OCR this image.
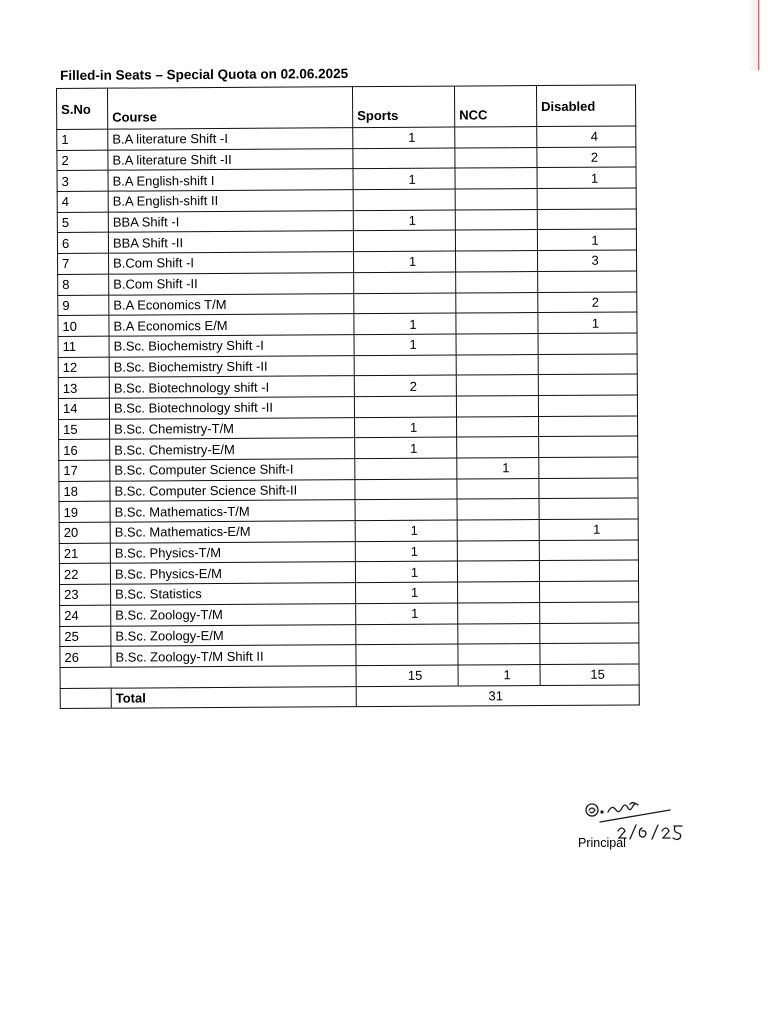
Filled-in Seats – Special Quota on 02.06.2025
S.No	Course	Sports	NCC	Disabled
1	B.A literature Shift -I	1		4
2	B.A literature Shift -II			2
3	B.A English-shift I	1		1
4	B.A English-shift II			
5	BBA Shift -I	1		
6	BBA Shift -II			1
7	B.Com Shift -I	1		3
8	B.Com Shift -II			
9	B.A Economics T/M			2
10	B.A Economics E/M	1		1
11	B.Sc. Biochemistry Shift -I	1		
12	B.Sc. Biochemistry Shift -II			
13	B.Sc. Biotechnology shift -I	2		
14	B.Sc. Biotechnology shift -II			
15	B.Sc. Chemistry-T/M	1		
16	B.Sc. Chemistry-E/M	1		
17	B.Sc. Computer Science Shift-I		1	
18	B.Sc. Computer Science Shift-II			
19	B.Sc. Mathematics-T/M			
20	B.Sc. Mathematics-E/M	1		1
21	B.Sc. Physics-T/M	1		
22	B.Sc. Physics-E/M	1		
23	B.Sc. Statistics	1		
24	B.Sc. Zoology-T/M	1		
25	B.Sc. Zoology-E/M			
26	B.Sc. Zoology-T/M Shift II			
		15	1	15
	Total	31		
Principal
